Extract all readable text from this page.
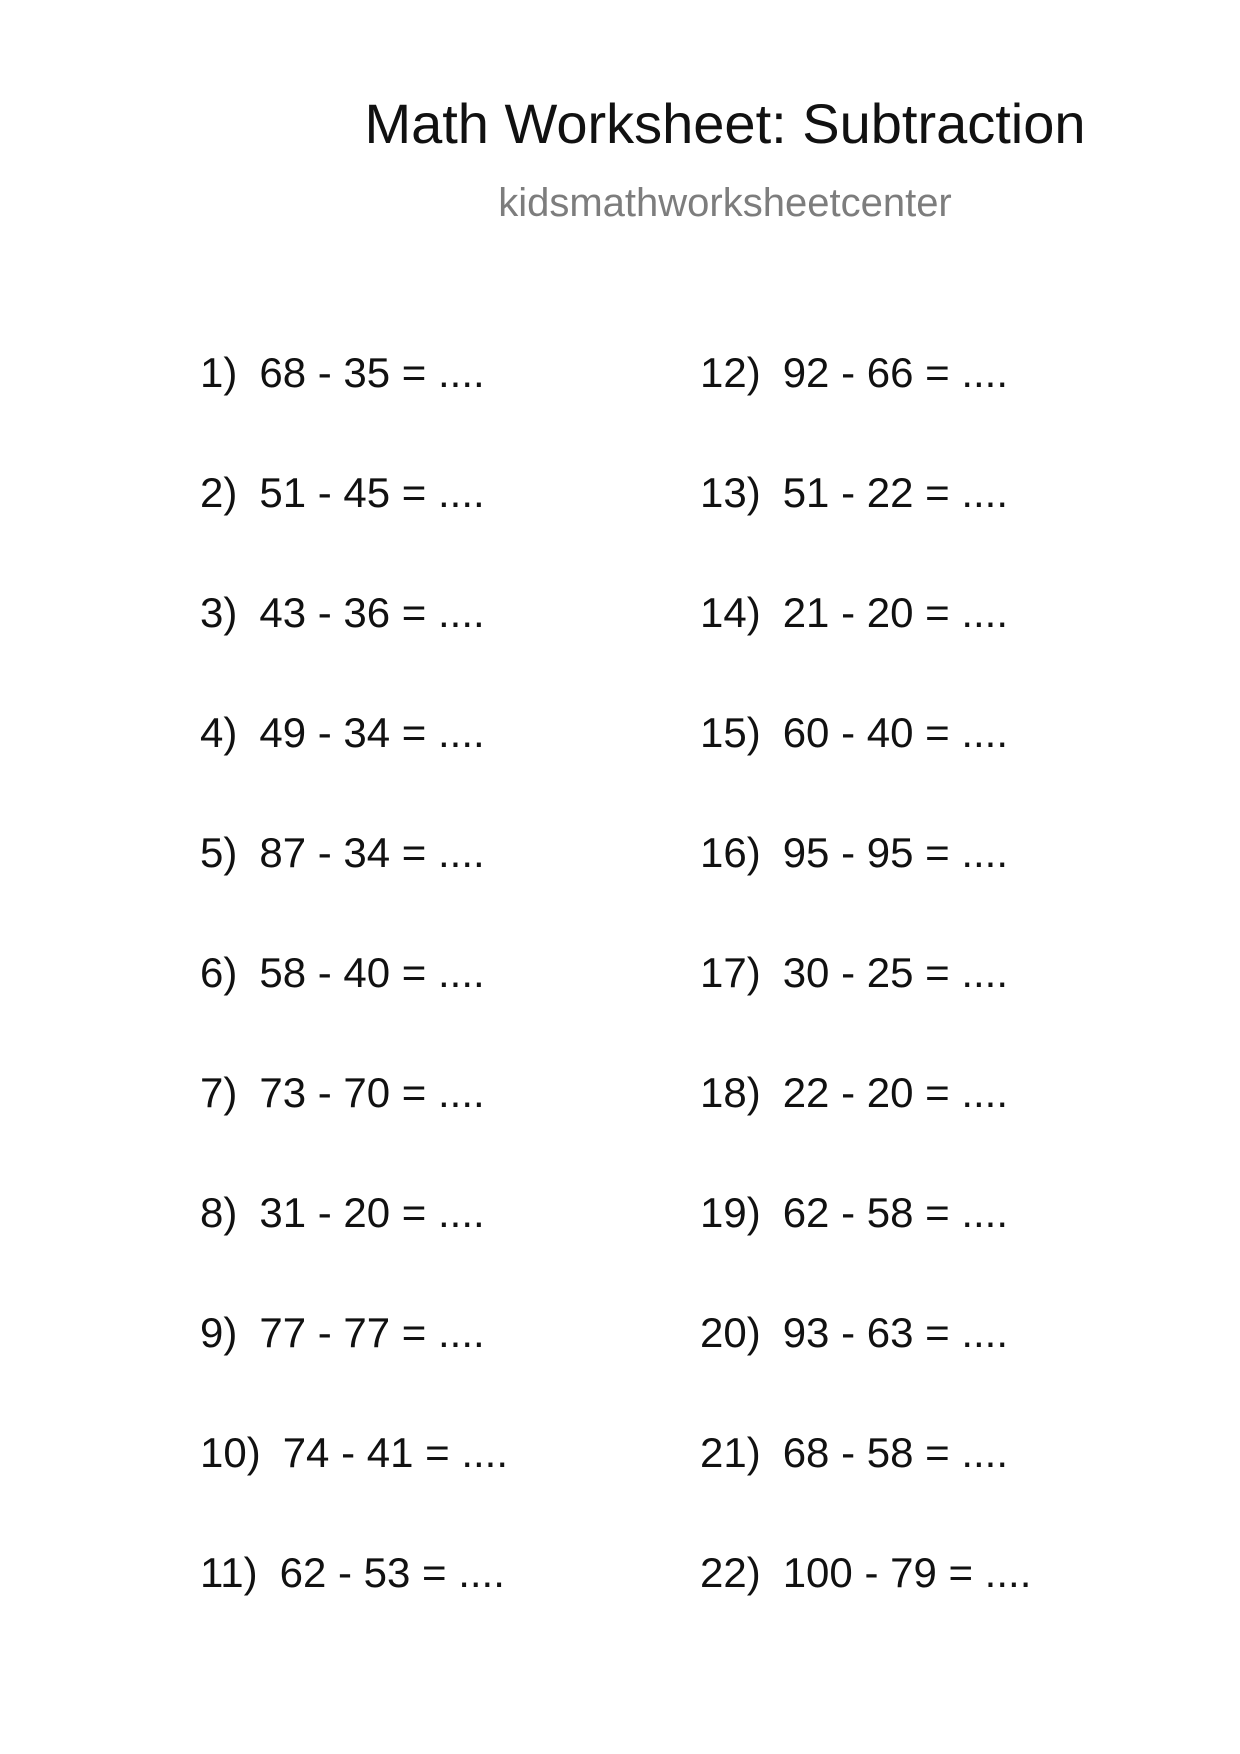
Math Worksheet: Subtraction
kidsmathworksheetcenter
1) 68 - 35 = ....
2) 51 - 45 = ....
3) 43 - 36 = ....
4) 49 - 34 = ....
5) 87 - 34 = ....
6) 58 - 40 = ....
7) 73 - 70 = ....
8) 31 - 20 = ....
9) 77 - 77 = ....
10) 74 - 41 = ....
11) 62 - 53 = ....
12) 92 - 66 = ....
13) 51 - 22 = ....
14) 21 - 20 = ....
15) 60 - 40 = ....
16) 95 - 95 = ....
17) 30 - 25 = ....
18) 22 - 20 = ....
19) 62 - 58 = ....
20) 93 - 63 = ....
21) 68 - 58 = ....
22) 100 - 79 = ....
